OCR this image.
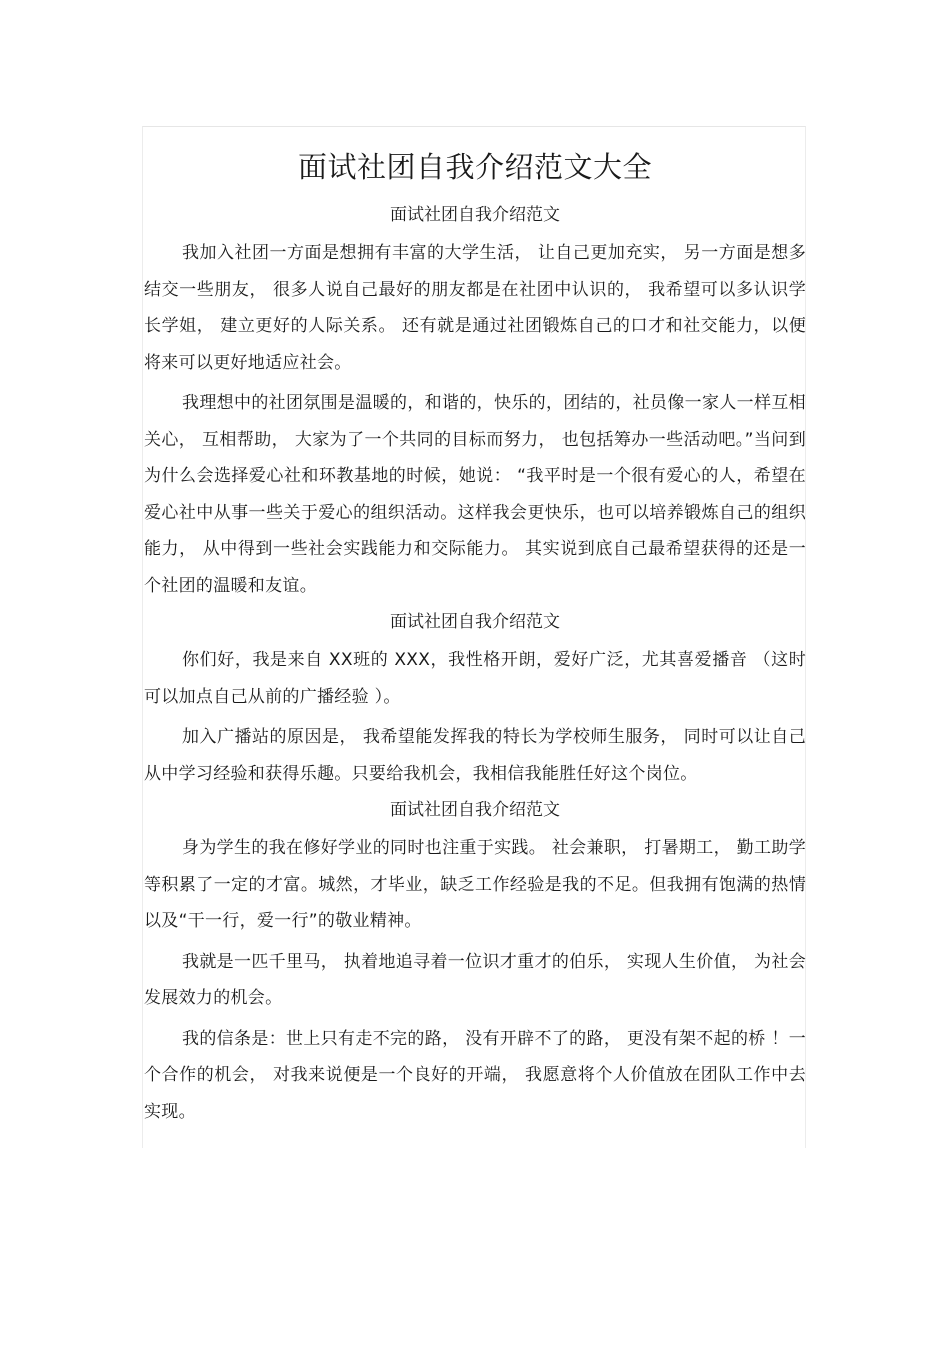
面试社团自我介绍范文大全
面试社团自我介绍范文

我加入社团一方面是想拥有丰富的大学生活， 让自己更加充实， 另一方面是想多结交一些朋友， 很多人说自己最好的朋友都是在社团中认识的， 我希望可以多认识学长学姐， 建立更好的人际关系。 还有就是通过社团锻炼自己的口才和社交能力，以便将来可以更好地适应社会。

我理想中的社团氛围是温暖的，和谐的，快乐的，团结的，社员像一家人一样互相关心， 互相帮助， 大家为了一个共同的目标而努力， 也包括筹办一些活动吧。”当问到为什么会选择爱心社和环教基地的时候，她说： “我平时是一个很有爱心的人，希望在爱心社中从事一些关于爱心的组织活动。这样我会更快乐，也可以培养锻炼自己的组织能力， 从中得到一些社会实践能力和交际能力。 其实说到底自己最希望获得的还是一个社团的温暖和友谊。

面试社团自我介绍范文

你们好，我是来自 XX班的 XXX，我性格开朗，爱好广泛，尤其喜爱播音 （这时可以加点自己从前的广播经验 ）。

加入广播站的原因是， 我希望能发挥我的特长为学校师生服务， 同时可以让自己从中学习经验和获得乐趣。只要给我机会，我相信我能胜任好这个岗位。

面试社团自我介绍范文

身为学生的我在修好学业的同时也注重于实践。 社会兼职， 打暑期工， 勤工助学等积累了一定的才富。城然，才毕业，缺乏工作经验是我的不足。但我拥有饱满的热情以及“干一行，爱一行”的敬业精神。

我就是一匹千里马， 执着地追寻着一位识才重才的伯乐， 实现人生价值， 为社会发展效力的机会。

我的信条是：世上只有走不完的路， 没有开辟不了的路， 更没有架不起的桥 ！一个合作的机会， 对我来说便是一个良好的开端， 我愿意将个人价值放在团队工作中去实现。
